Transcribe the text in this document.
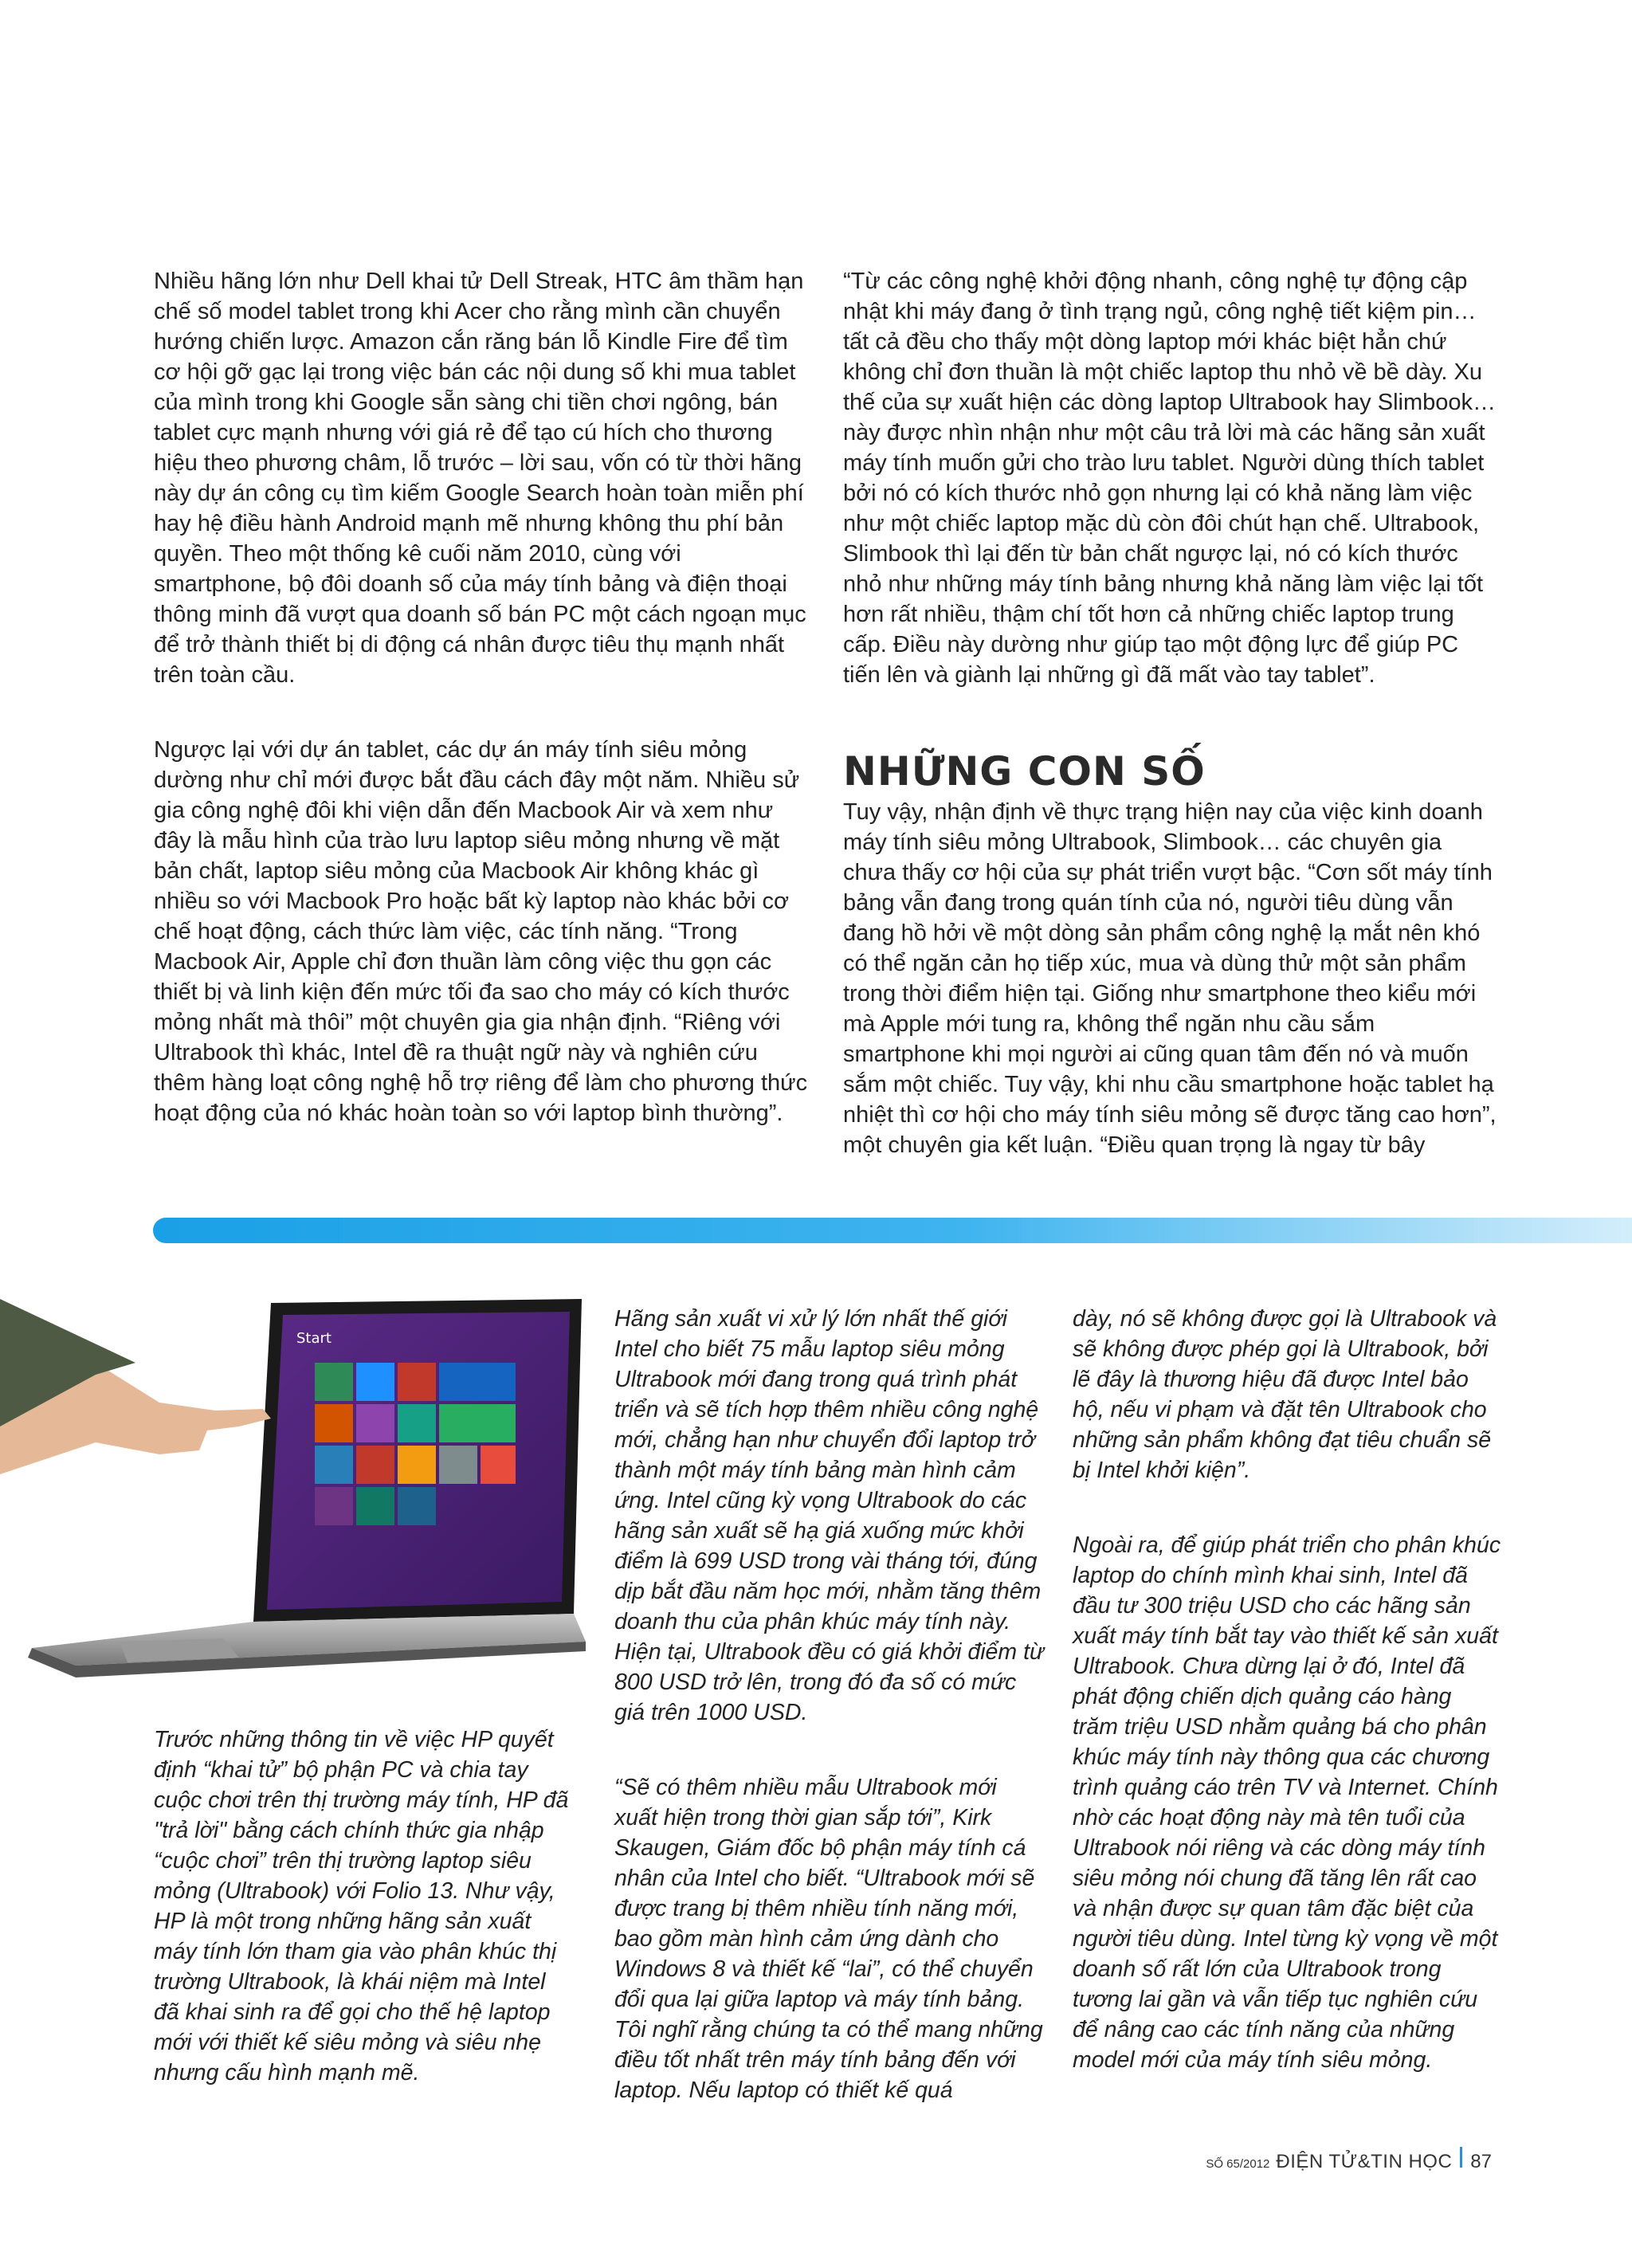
Nhiều hãng lớn như Dell khai tử Dell Streak, HTC âm thầm hạn chế số model tablet trong khi Acer cho rằng mình cần chuyển hướng chiến lược. Amazon cắn răng bán lỗ Kindle Fire để tìm cơ hội gỡ gạc lại trong việc bán các nội dung số khi mua tablet của mình trong khi Google sẵn sàng chi tiền chơi ngông, bán tablet cực mạnh nhưng với giá rẻ để tạo cú hích cho thương hiệu theo phương châm, lỗ trước – lời sau, vốn có từ thời hãng này dự án công cụ tìm kiếm Google Search hoàn toàn miễn phí hay hệ điều hành Android mạnh mẽ nhưng không thu phí bản quyền. Theo một thống kê cuối năm 2010, cùng với smartphone, bộ đôi doanh số của máy tính bảng và điện thoại thông minh đã vượt qua doanh số bán PC một cách ngoạn mục để trở thành thiết bị di động cá nhân được tiêu thụ mạnh nhất trên toàn cầu.

Ngược lại với dự án tablet, các dự án máy tính siêu mỏng dường như chỉ mới được bắt đầu cách đây một năm. Nhiều sử gia công nghệ đôi khi viện dẫn đến Macbook Air và xem như đây là mẫu hình của trào lưu laptop siêu mỏng nhưng về mặt bản chất, laptop siêu mỏng của Macbook Air không khác gì nhiều so với Macbook Pro hoặc bất kỳ laptop nào khác bởi cơ chế hoạt động, cách thức làm việc, các tính năng. “Trong Macbook Air, Apple chỉ đơn thuần làm công việc thu gọn các thiết bị và linh kiện đến mức tối đa sao cho máy có kích thước mỏng nhất mà thôi” một chuyên gia gia nhận định. “Riêng với Ultrabook thì khác, Intel đề ra thuật ngữ này và nghiên cứu thêm hàng loạt công nghệ hỗ trợ riêng để làm cho phương thức hoạt động của nó khác hoàn toàn so với laptop bình thường”.

“Từ các công nghệ khởi động nhanh, công nghệ tự động cập nhật khi máy đang ở tình trạng ngủ, công nghệ tiết kiệm pin… tất cả đều cho thấy một dòng laptop mới khác biệt hẳn chứ không chỉ đơn thuần là một chiếc laptop thu nhỏ về bề dày. Xu thế của sự xuất hiện các dòng laptop Ultrabook hay Slimbook… này được nhìn nhận như một câu trả lời mà các hãng sản xuất máy tính muốn gửi cho trào lưu tablet. Người dùng thích tablet bởi nó có kích thước nhỏ gọn nhưng lại có khả năng làm việc như một chiếc laptop mặc dù còn đôi chút hạn chế. Ultrabook, Slimbook thì lại đến từ bản chất ngược lại, nó có kích thước nhỏ như những máy tính bảng nhưng khả năng làm việc lại tốt hơn rất nhiều, thậm chí tốt hơn cả những chiếc laptop trung cấp. Điều này dường như giúp tạo một động lực để giúp PC tiến lên và giành lại những gì đã mất vào tay tablet”.

NHỮNG CON SỐ

Tuy vậy, nhận định về thực trạng hiện nay của việc kinh doanh máy tính siêu mỏng Ultrabook, Slimbook… các chuyên gia chưa thấy cơ hội của sự phát triển vượt bậc. “Cơn sốt máy tính bảng vẫn đang trong quán tính của nó, người tiêu dùng vẫn đang hồ hởi về một dòng sản phẩm công nghệ lạ mắt nên khó có thể ngăn cản họ tiếp xúc, mua và dùng thử một sản phẩm trong thời điểm hiện tại. Giống như smartphone theo kiểu mới mà Apple mới tung ra, không thể ngăn nhu cầu sắm smartphone khi mọi người ai cũng quan tâm đến nó và muốn sắm một chiếc. Tuy vậy, khi nhu cầu smartphone hoặc tablet hạ nhiệt thì cơ hội cho máy tính siêu mỏng sẽ được tăng cao hơn”, một chuyên gia kết luận. “Điều quan trọng là ngay từ bây

Start

Trước những thông tin về việc HP quyết định “khai tử” bộ phận PC và chia tay cuộc chơi trên thị trường máy tính, HP đã "trả lời" bằng cách chính thức gia nhập “cuộc chơi” trên thị trường laptop siêu mỏng (Ultrabook) với Folio 13. Như vậy, HP là một trong những hãng sản xuất máy tính lớn tham gia vào phân khúc thị trường Ultrabook, là khái niệm mà Intel đã khai sinh ra để gọi cho thế hệ laptop mới với thiết kế siêu mỏng và siêu nhẹ nhưng cấu hình mạnh mẽ.

Hãng sản xuất vi xử lý lớn nhất thế giới Intel cho biết 75 mẫu laptop siêu mỏng Ultrabook mới đang trong quá trình phát triển và sẽ tích hợp thêm nhiều công nghệ mới, chẳng hạn như chuyển đổi laptop trở thành một máy tính bảng màn hình cảm ứng. Intel cũng kỳ vọng Ultrabook do các hãng sản xuất sẽ hạ giá xuống mức khởi điểm là 699 USD trong vài tháng tới, đúng dịp bắt đầu năm học mới, nhằm tăng thêm doanh thu của phân khúc máy tính này. Hiện tại, Ultrabook đều có giá khởi điểm từ 800 USD trở lên, trong đó đa số có mức giá trên 1000 USD.

“Sẽ có thêm nhiều mẫu Ultrabook mới xuất hiện trong thời gian sắp tới”, Kirk Skaugen, Giám đốc bộ phận máy tính cá nhân của Intel cho biết. “Ultrabook mới sẽ được trang bị thêm nhiều tính năng mới, bao gồm màn hình cảm ứng dành cho Windows 8 và thiết kế “lai”, có thể chuyển đổi qua lại giữa laptop và máy tính bảng. Tôi nghĩ rằng chúng ta có thể mang những điều tốt nhất trên máy tính bảng đến với laptop. Nếu laptop có thiết kế quá

dày, nó sẽ không được gọi là Ultrabook và sẽ không được phép gọi là Ultrabook, bởi lẽ đây là thương hiệu đã được Intel bảo hộ, nếu vi phạm và đặt tên Ultrabook cho những sản phẩm không đạt tiêu chuẩn sẽ bị Intel khởi kiện”.

Ngoài ra, để giúp phát triển cho phân khúc laptop do chính mình khai sinh, Intel đã đầu tư 300 triệu USD cho các hãng sản xuất máy tính bắt tay vào thiết kế sản xuất Ultrabook. Chưa dừng lại ở đó, Intel đã phát động chiến dịch quảng cáo hàng trăm triệu USD nhằm quảng bá cho phân khúc máy tính này thông qua các chương trình quảng cáo trên TV và Internet. Chính nhờ các hoạt động này mà tên tuổi của Ultrabook nói riêng và các dòng máy tính siêu mỏng nói chung đã tăng lên rất cao và nhận được sự quan tâm đặc biệt của người tiêu dùng. Intel từng kỳ vọng về một doanh số rất lớn của Ultrabook trong tương lai gần và vẫn tiếp tục nghiên cứu để nâng cao các tính năng của những model mới của máy tính siêu mỏng.

SỐ 65/2012 ĐIỆN TỬ&TIN HỌC 87
